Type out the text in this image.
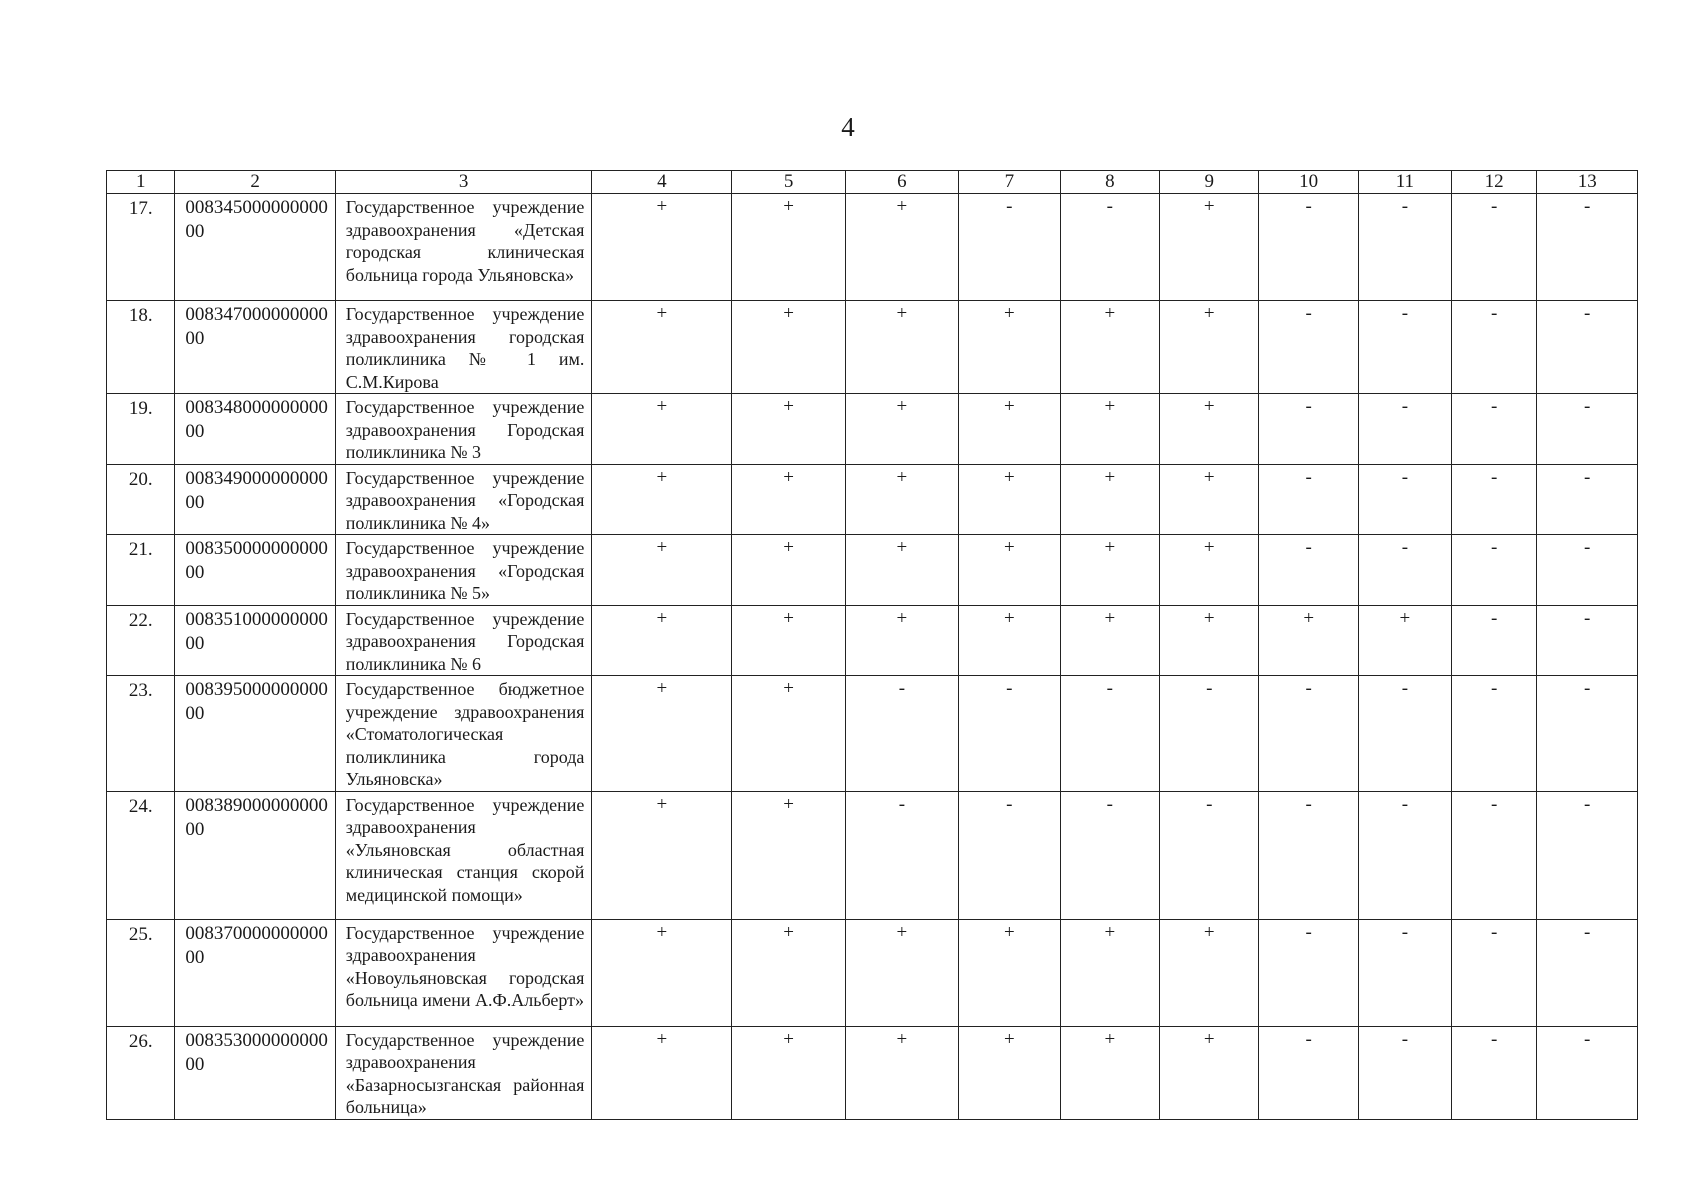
4
1	2	3	4	5	6	7	8	9	10	11	12	13
17.	00834500000000000	Государственное учреждение здравоохранения «Детская городская клиническая больница города Ульяновска»	+	+	+	-	-	+	-	-	-	-
18.	00834700000000000	Государственное учреждение здравоохранения городская поликлиника № 1 им. С.М.Кирова	+	+	+	+	+	+	-	-	-	-
19.	00834800000000000	Государственное учреждение здравоохранения Городская поликлиника № 3	+	+	+	+	+	+	-	-	-	-
20.	00834900000000000	Государственное учреждение здравоохранения «Городская поликлиника № 4»	+	+	+	+	+	+	-	-	-	-
21.	00835000000000000	Государственное учреждение здравоохранения «Городская поликлиника № 5»	+	+	+	+	+	+	-	-	-	-
22.	00835100000000000	Государственное учреждение здравоохранения Городская поликлиника № 6	+	+	+	+	+	+	+	+	-	-
23.	00839500000000000	Государственное бюджетное учреждение здравоохранения «Стоматологическая поликлиника города Ульяновска»	+	+	-	-	-	-	-	-	-	-
24.	00838900000000000	Государственное учреждение здравоохранения «Ульяновская областная клиническая станция скорой медицинской помощи»	+	+	-	-	-	-	-	-	-	-
25.	00837000000000000	Государственное учреждение здравоохранения «Новоульяновская городская больница имени А.Ф.Альберт»	+	+	+	+	+	+	-	-	-	-
26.	00835300000000000	Государственное учреждение здравоохранения «Базарносызганская районная больница»	+	+	+	+	+	+	-	-	-	-
